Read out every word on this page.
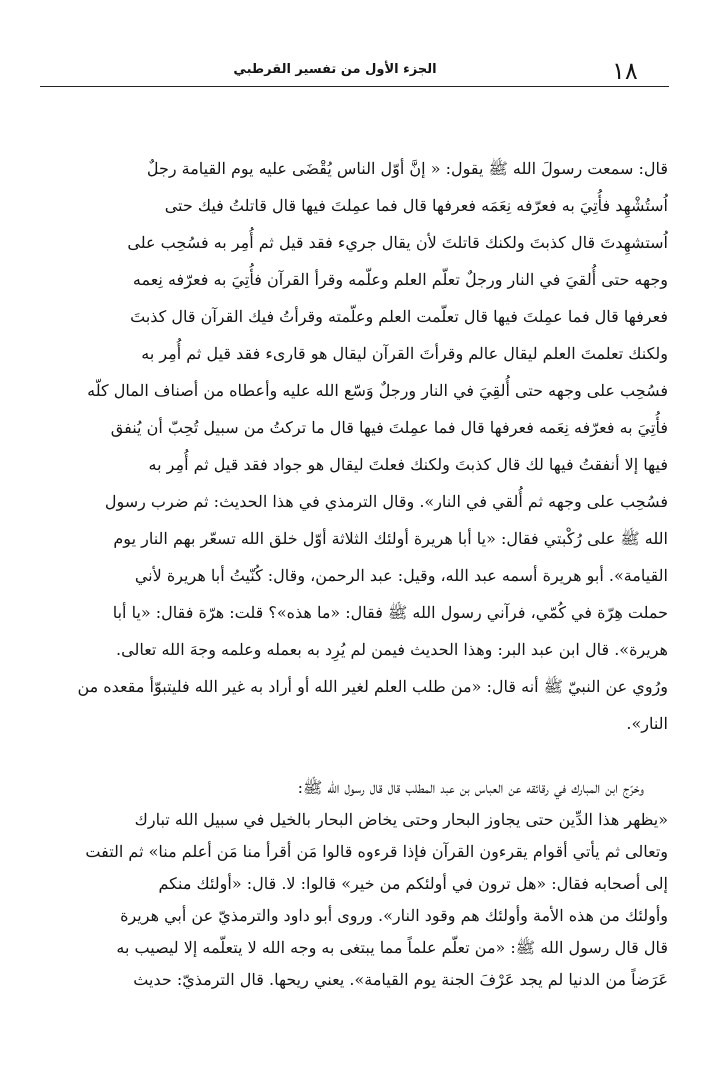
١٨
الجزء الأول من تفسير القرطبي
قال: سمعت رسولَ الله ﷺ يقول: « إنَّ أوّل الناس يُقْضَى عليه يوم القيامة رجلٌ
اُستُشْهِد فأُتِيَ به فعرّفه نِعَمَه فعرفها قال فما عمِلتَ فيها قال قاتلتُ فيك حتى
اُستشهِدتَ قال كذبتَ ولكنك قاتلتَ لأن يقال جريء فقد قيل ثم أُمِر به فسُحِب على
وجهه حتى أُلقيَ في النار ورجلٌ تعلّم العلم وعلّمه وقرأ القرآن فأُتِيَ به فعرّفه نِعمه
فعرفها قال فما عمِلتَ فيها قال تعلّمت العلم وعلّمته وقرأتُ فيك القرآن قال كذبتَ
ولكنك تعلمتَ العلم ليقال عالم وقرأتَ القرآن ليقال هو قارىء فقد قيل ثم أُمِر به
فسُحِب على وجهه حتى أُلقِيَ في النار ورجلٌ وَسّع الله عليه وأعطاه من أصناف المال كلّه
فأُتِيَ به فعرّفه نِعَمه فعرفها قال فما عمِلتَ فيها قال ما تركتُ من سبيل تُحِبّ أن يُنفق
فيها إلا أنفقتُ فيها لك قال كذبتَ ولكنك فعلتَ ليقال هو جواد فقد قيل ثم أُمِر به
فسُحِب على وجهه ثم أُلقي في النار». وقال الترمذي في هذا الحديث: ثم ضرب رسول
الله ﷺ على رُكْبتي فقال: «يا أبا هريرة أولئك الثلاثة أوّل خلق الله تسعّر بهم النار يوم
القيامة». أبو هريرة أسمه عبد الله، وقيل: عبد الرحمن، وقال: كُنّيتُ أبا هريرة لأني
حملت هِرّة في كُمّي، فرآني رسول الله ﷺ فقال: «ما هذه»؟ قلت: هرّة فقال: «يا أبا
هريرة». قال ابن عبد البر: وهذا الحديث فيمن لم يُرِد به بعمله وعلمه وجهَ الله تعالى.
ورُوي عن النبيّ ﷺ أنه قال: «من طلب العلم لغير الله أو أراد به غير الله فليتبوّأ مقعده من
النار».
وخرّج ابن المبارك في رقائقه عن العباس بن عبد المطلب قال قال رسول الله ﷺ:
«يظهر هذا الدِّين حتى يجاوز البحار وحتى يخاض البحار بالخيل في سبيل الله تبارك
وتعالى ثم يأتي أقوام يقرءون القرآن فإذا قرءوه قالوا مَن أقرأ منا مَن أعلم منا» ثم التفت
إلى أصحابه فقال: «هل ترون في أولئكم من خير» قالوا: لا. قال: «أولئك منكم
وأولئك من هذه الأمة وأولئك هم وقود النار». وروى أبو داود والترمذيّ عن أبي هريرة
قال قال رسول الله ﷺ: «من تعلّم علماً مما يبتغى به وجه الله لا يتعلّمه إلا ليصيب به
عَرَضاً من الدنيا لم يجد عَرْفَ الجنة يوم القيامة». يعني ريحها. قال الترمذيّ: حديث
